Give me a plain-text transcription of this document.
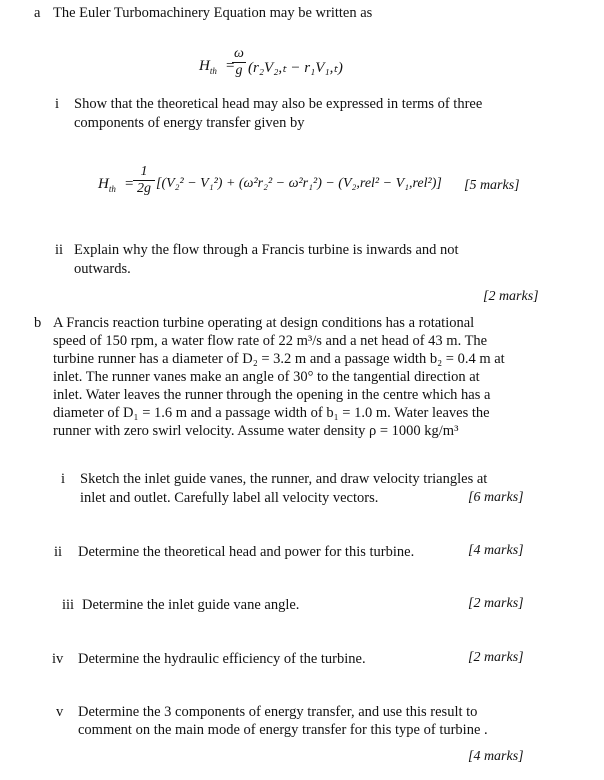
a The Euler Turbomachinery Equation may be written as
$H_{th}$ =
ω
g (r₂V₂,ₜ − r₁V₁,ₜ)
i Show that the theoretical head may also be expressed in terms of three
components of energy transfer given by
$H_{th}$ =
1
2g [(V₂² − V₁²) + (ω²r₂² − ω²r₁²) − (V₂,rel² − V₁,rel²)] [5 marks]
ii Explain why the flow through a Francis turbine is inwards and not
outwards.
[2 marks]
b A Francis reaction turbine operating at design conditions has a rotational
speed of 150 rpm, a water flow rate of 22 m³/s and a net head of 43 m. The
turbine runner has a diameter of D₂ = 3.2 m and a passage width b₂ = 0.4 m at
inlet. The runner vanes make an angle of 30° to the tangential direction at
inlet. Water leaves the runner through the opening in the centre which has a
diameter of D₁ = 1.6 m and a passage width of b₁ = 1.0 m. Water leaves the
runner with zero swirl velocity. Assume water density ρ = 1000 kg/m³
i Sketch the inlet guide vanes, the runner, and draw velocity triangles at
inlet and outlet. Carefully label all velocity vectors.	[6 marks]
ii Determine the theoretical head and power for this turbine.	[4 marks]
iii Determine the inlet guide vane angle.	[2 marks]
iv Determine the hydraulic efficiency of the turbine.	[2 marks]
v Determine the 3 components of energy transfer, and use this result to
comment on the main mode of energy transfer for this type of turbine .
[4 marks]
